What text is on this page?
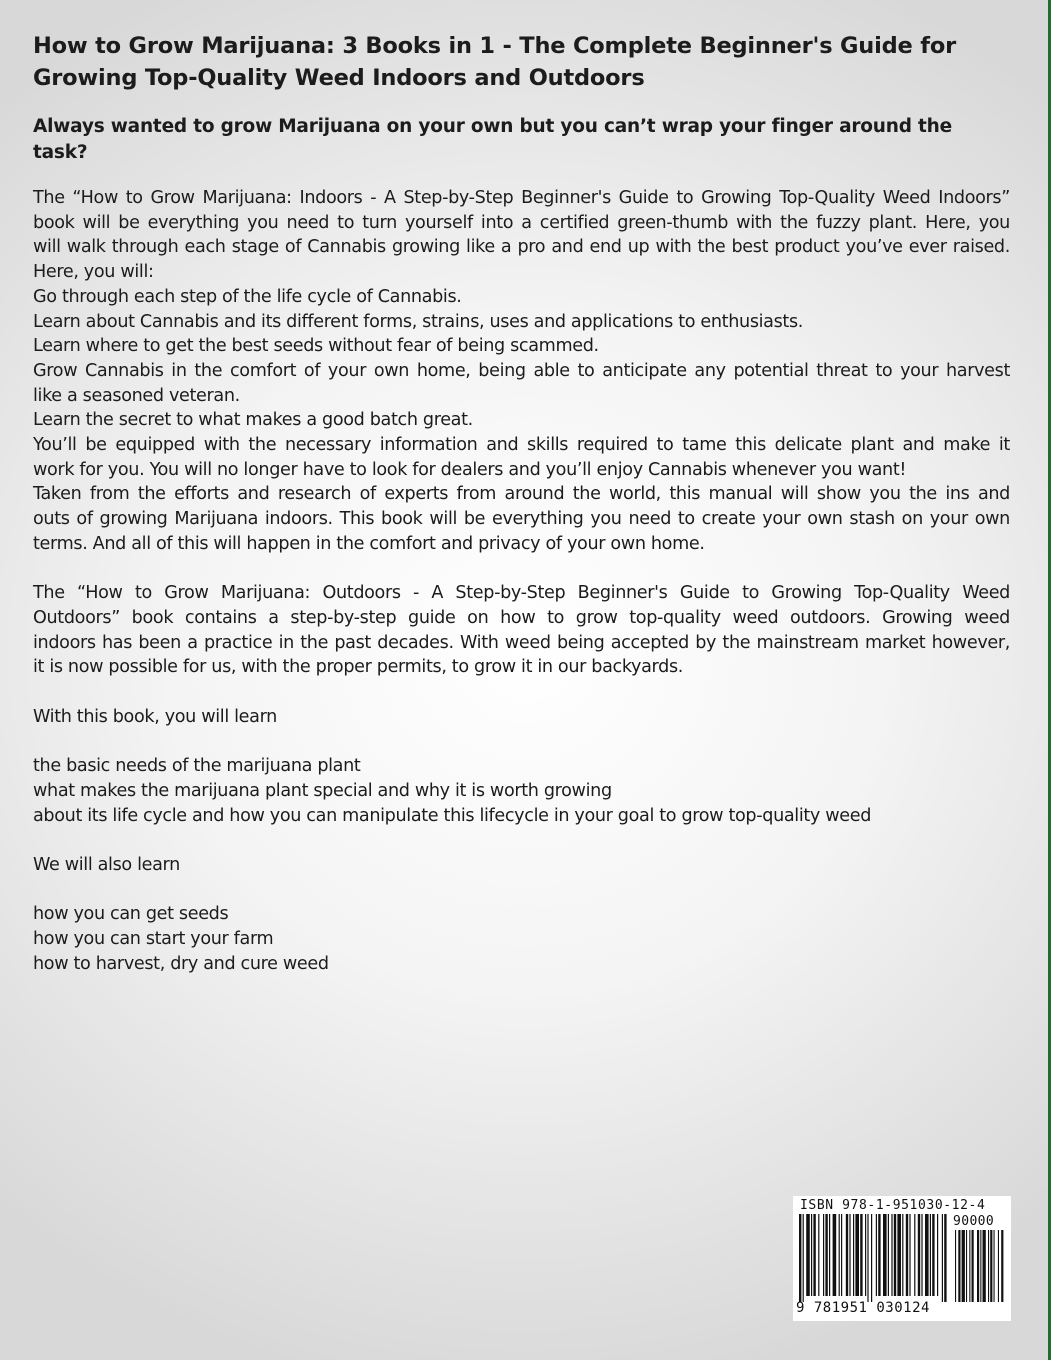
How to Grow Marijuana: 3 Books in 1 - The Complete Beginner's Guide for Growing Top-Quality Weed Indoors and Outdoors
Always wanted to grow Marijuana on your own but you can’t wrap your finger around the task?
The “How to Grow Marijuana: Indoors - A Step-by-Step Beginner's Guide to Growing Top-Quality Weed Indoors”
book will be everything you need to turn yourself into a certified green-thumb with the fuzzy plant. Here, you
will walk through each stage of Cannabis growing like a pro and end up with the best product you’ve ever raised.
Here, you will:
Go through each step of the life cycle of Cannabis.
Learn about Cannabis and its different forms, strains, uses and applications to enthusiasts.
Learn where to get the best seeds without fear of being scammed.
Grow Cannabis in the comfort of your own home, being able to anticipate any potential threat to your harvest
like a seasoned veteran.
Learn the secret to what makes a good batch great.
You’ll be equipped with the necessary information and skills required to tame this delicate plant and make it
work for you. You will no longer have to look for dealers and you’ll enjoy Cannabis whenever you want!
Taken from the efforts and research of experts from around the world, this manual will show you the ins and
outs of growing Marijuana indoors. This book will be everything you need to create your own stash on your own
terms. And all of this will happen in the comfort and privacy of your own home.
The “How to Grow Marijuana: Outdoors - A Step-by-Step Beginner's Guide to Growing Top-Quality Weed
Outdoors” book contains a step-by-step guide on how to grow top-quality weed outdoors. Growing weed
indoors has been a practice in the past decades. With weed being accepted by the mainstream market however,
it is now possible for us, with the proper permits, to grow it in our backyards.
With this book, you will learn
the basic needs of the marijuana plant
what makes the marijuana plant special and why it is worth growing
about its life cycle and how you can manipulate this lifecycle in your goal to grow top-quality weed
We will also learn
how you can get seeds
how you can start your farm
how to harvest, dry and cure weed
ISBN 978-1-951030-12-4
90000
9 781951 030124
